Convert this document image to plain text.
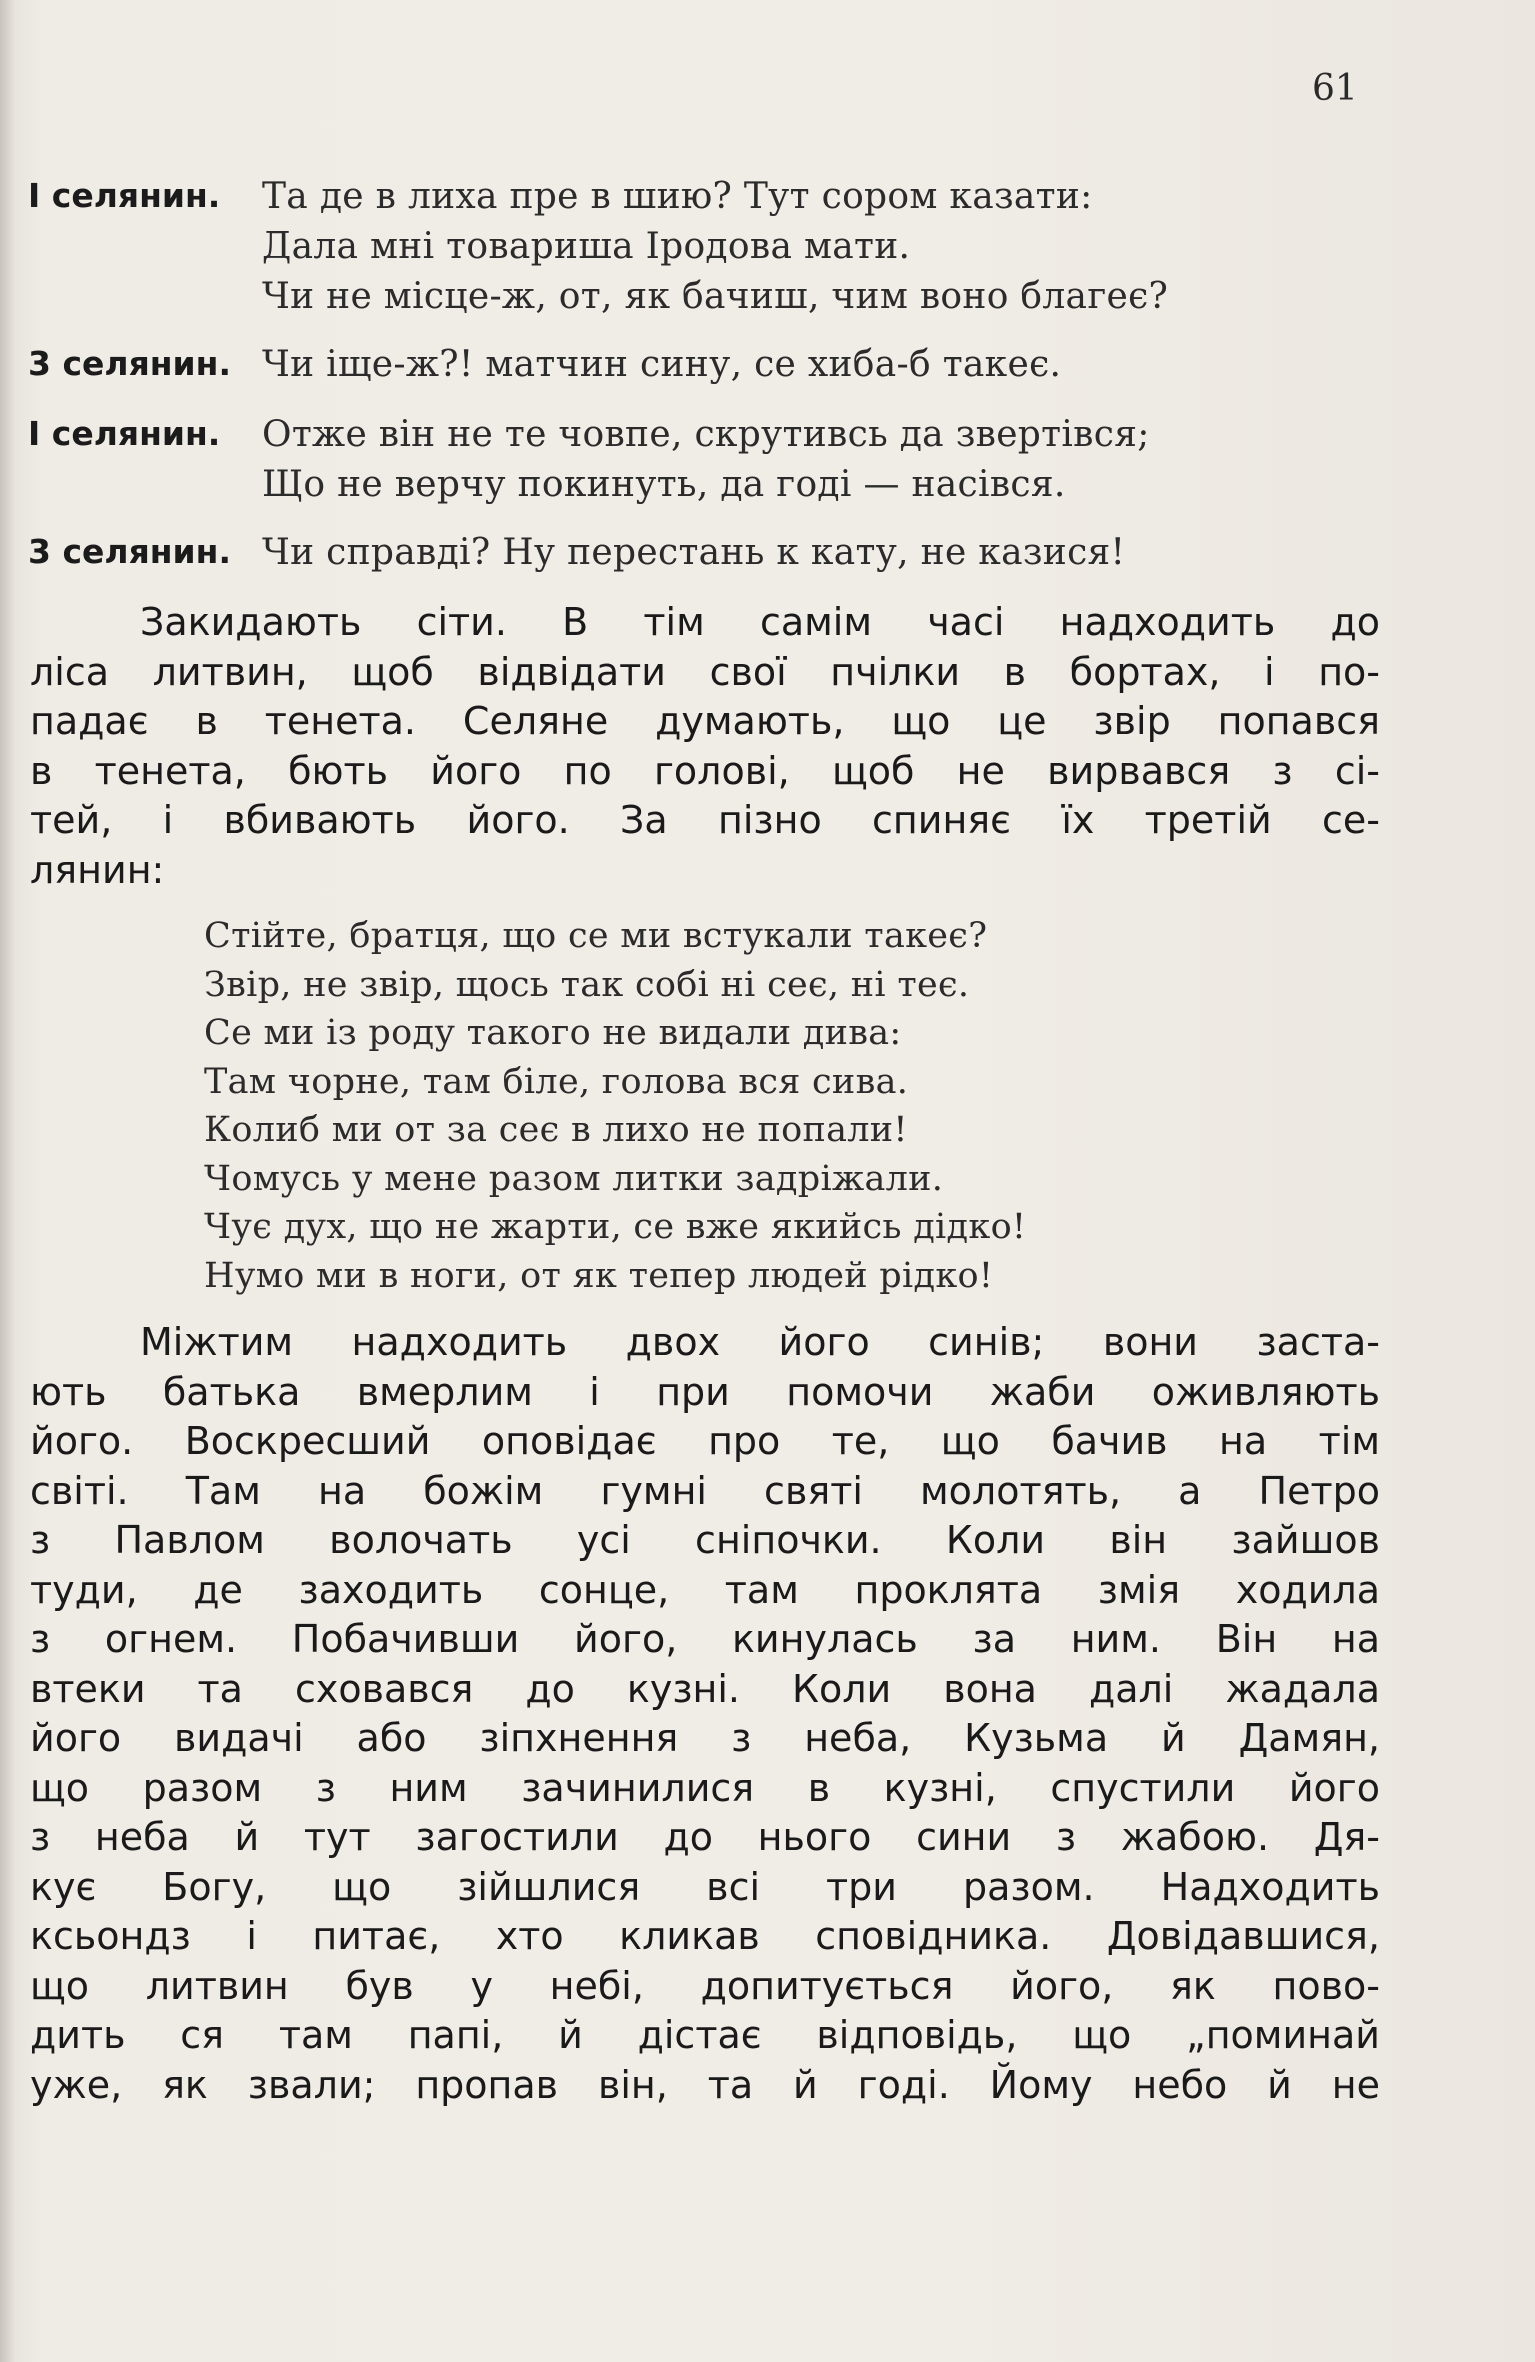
61
І селянин. Та де в лиха пре в шию? Тут сором казати:
Дала мні товариша Іродова мати.
Чи не місце-ж, от, як бачиш, чим воно благеє?
3 селянин. Чи іще-ж?! матчин сину, се хиба-б такеє.
І селянин. Отже він не те човпе, скрутивсь да звертівся;
Що не верчу покинуть, да годі — насівся.
3 селянин. Чи справді? Ну перестань к кату, не казися!
Закидають сіти. В тім самім часі надходить до
ліса литвин, щоб відвідати свої пчілки в бортах, і по-
падає в тенета. Селяне думають, що це звір попався
в тенета, бють його по голові, щоб не вирвався з сі-
тей, і вбивають його. За пізно спиняє їх третій се-
лянин:
Стійте, братця, що се ми встукали такеє?
Звір, не звір, щось так собі ні сеє, ні теє.
Се ми із роду такого не видали дива:
Там чорне, там біле, голова вся сива.
Колиб ми от за сеє в лихо не попали!
Чомусь у мене разом литки задріжали.
Чує дух, що не жарти, се вже якийсь дідко!
Нумо ми в ноги, от як тепер людей рідко!
Міжтим надходить двох його синів; вони заста-
ють батька вмерлим і при помочи жаби оживляють
його. Воскресший оповідає про те, що бачив на тім
світі. Там на божім гумні святі молотять, а Петро
з Павлом волочать усі сніпочки. Коли він зайшов
туди, де заходить сонце, там проклята змія ходила
з огнем. Побачивши його, кинулась за ним. Він на
втеки та сховався до кузні. Коли вона далі жадала
його видачі або зіпхнення з неба, Кузьма й Дамян,
що разом з ним зачинилися в кузні, спустили його
з неба й тут загостили до нього сини з жабою. Дя-
кує Богу, що зійшлися всі три разом. Надходить
ксьондз і питає, хто кликав сповідника. Довідавшися,
що литвин був у небі, допитується його, як пово-
дить ся там папі, й дістає відповідь, що „поминай
уже, як звали; пропав він, та й годі. Йому небо й не
